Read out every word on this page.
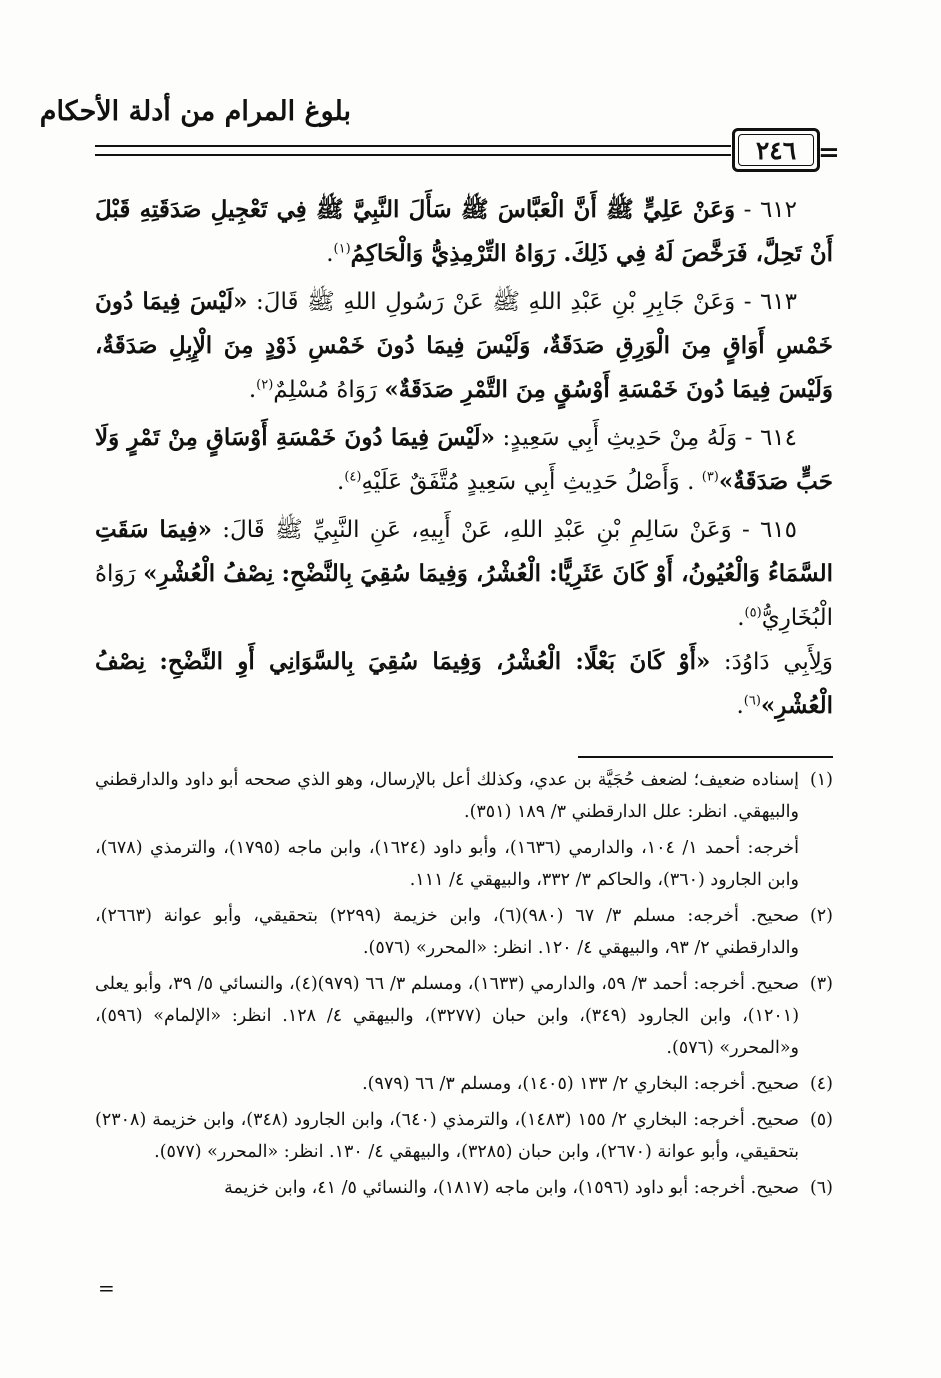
بلوغ المرام من أدلة الأحكام
٢٤٦ =

٦١٢ - وَعَنْ عَلِيٍّ ﷺ أَنَّ الْعَبَّاسَ ﷺ سَأَلَ النَّبِيَّ ﷺ فِي تَعْجِيلِ صَدَقَتِهِ قَبْلَ أَنْ تَحِلَّ، فَرَخَّصَ لَهُ فِي ذَلِكَ. رَوَاهُ التِّرْمِذِيُّ وَالْحَاكِمُ$^{(١)}$.

٦١٣ - وَعَنْ جَابِرِ بْنِ عَبْدِ اللهِ ﷺ عَنْ رَسُولِ اللهِ ﷺ قَالَ: «لَيْسَ فِيمَا دُونَ خَمْسِ أَوَاقٍ مِنَ الْوَرِقِ صَدَقَةٌ، وَلَيْسَ فِيمَا دُونَ خَمْسِ ذَوْدٍ مِنَ الْإِبِلِ صَدَقَةٌ، وَلَيْسَ فِيمَا دُونَ خَمْسَةِ أَوْسُقٍ مِنَ التَّمْرِ صَدَقَةٌ» رَوَاهُ مُسْلِمٌ$^{(٢)}$.

٦١٤ - وَلَهُ مِنْ حَدِيثِ أَبِي سَعِيدٍ: «لَيْسَ فِيمَا دُونَ خَمْسَةِ أَوْسَاقٍ مِنْ تَمْرٍ وَلَا حَبٍّ صَدَقَةٌ»$^{(٣)}$ . وَأَصْلُ حَدِيثِ أَبِي سَعِيدٍ مُتَّفَقٌ عَلَيْهِ$^{(٤)}$.

٦١٥ - وَعَنْ سَالِمِ بْنِ عَبْدِ اللهِ، عَنْ أَبِيهِ، عَنِ النَّبِيِّ ﷺ قَالَ: «فِيمَا سَقَتِ السَّمَاءُ وَالْعُيُونُ، أَوْ كَانَ عَثَرِيًّا: الْعُشْرُ، وَفِيمَا سُقِيَ بِالنَّضْحِ: نِصْفُ الْعُشْرِ» رَوَاهُ الْبُخَارِيُّ$^{(٥)}$.
وَلِأَبِي دَاوُدَ: «أَوْ كَانَ بَعْلًا: الْعُشْرُ، وَفِيمَا سُقِيَ بِالسَّوَانِي أَوِ النَّضْحِ: نِصْفُ الْعُشْرِ»$^{(٦)}$.

(١)إسناده ضعيف؛ لضعف حُجَيَّة بن عدي، وكذلك أعل بالإرسال، وهو الذي صححه أبو داود والدارقطني والبيهقي. انظر: علل الدارقطني ٣/ ١٨٩ (٣٥١).

أخرجه: أحمد ١/ ١٠٤، والدارمي (١٦٣٦)، وأبو داود (١٦٢٤)، وابن ماجه (١٧٩٥)، والترمذي (٦٧٨)، وابن الجارود (٣٦٠)، والحاكم ٣/ ٣٣٢، والبيهقي ٤/ ١١١.

(٢)صحيح. أخرجه: مسلم ٣/ ٦٧ (٩٨٠)(٦)، وابن خزيمة (٢٢٩٩) بتحقيقي، وأبو عوانة (٢٦٦٣)، والدارقطني ٢/ ٩٣، والبيهقي ٤/ ١٢٠. انظر: «المحرر» (٥٧٦).

(٣)صحيح. أخرجه: أحمد ٣/ ٥٩، والدارمي (١٦٣٣)، ومسلم ٣/ ٦٦ (٩٧٩)(٤)، والنسائي ٥/ ٣٩، وأبو يعلى (١٢٠١)، وابن الجارود (٣٤٩)، وابن حبان (٣٢٧٧)، والبيهقي ٤/ ١٢٨. انظر: «الإلمام» (٥٩٦)، و«المحرر» (٥٧٦).

(٤)صحيح. أخرجه: البخاري ٢/ ١٣٣ (١٤٠٥)، ومسلم ٣/ ٦٦ (٩٧٩).

(٥)صحيح. أخرجه: البخاري ٢/ ١٥٥ (١٤٨٣)، والترمذي (٦٤٠)، وابن الجارود (٣٤٨)، وابن خزيمة (٢٣٠٨) بتحقيقي، وأبو عوانة (٢٦٧٠)، وابن حبان (٣٢٨٥)، والبيهقي ٤/ ١٣٠. انظر: «المحرر» (٥٧٧).

(٦)صحيح. أخرجه: أبو داود (١٥٩٦)، وابن ماجه (١٨١٧)، والنسائي ٥/ ٤١، وابن خزيمة

=
